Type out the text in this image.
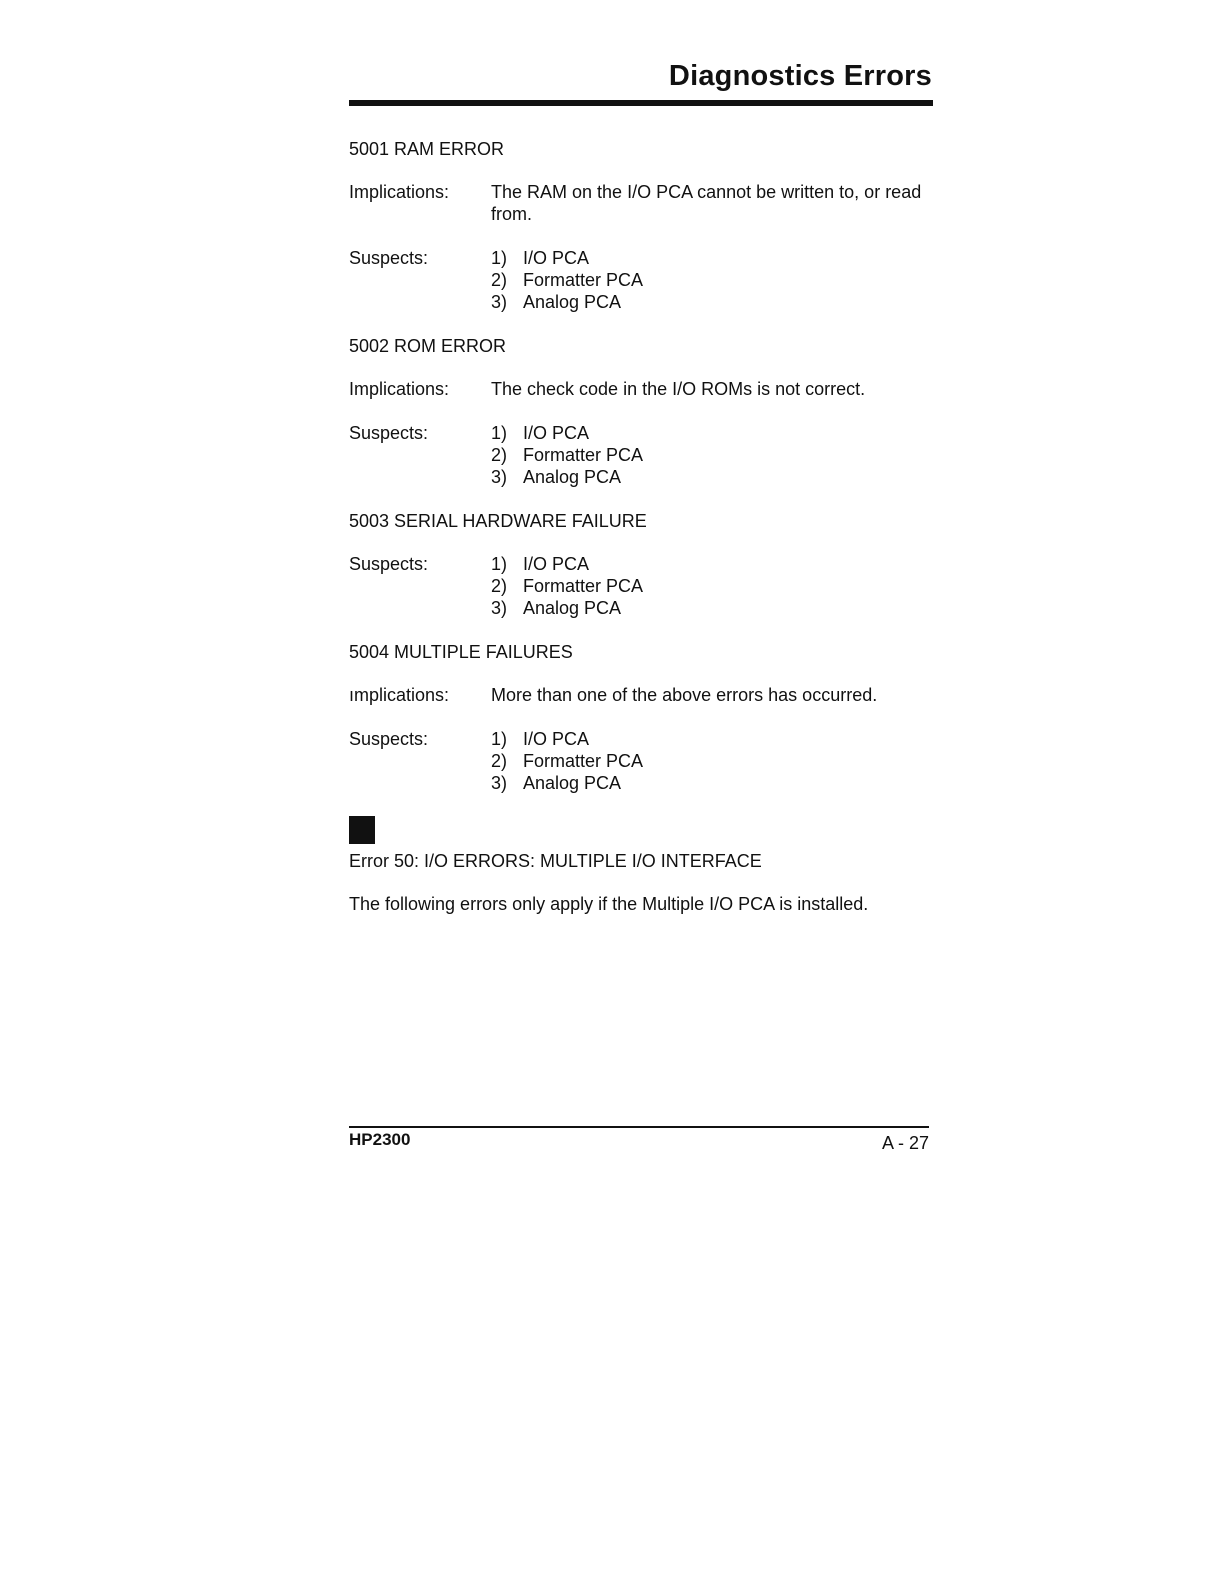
Diagnostics Errors
5001 RAM ERROR
Implications:	The RAM on the I/O PCA cannot be written to, or read from.
Suspects:	1) I/O PCA
2) Formatter PCA
3) Analog PCA
5002 ROM ERROR
Implications:	The check code in the I/O ROMs is not correct.
Suspects:	1) I/O PCA
2) Formatter PCA
3) Analog PCA
5003 SERIAL HARDWARE FAILURE
Suspects:	1) I/O PCA
2) Formatter PCA
3) Analog PCA
5004 MULTIPLE FAILURES
ımplications:	More than one of the above errors has occurred.
Suspects:	1) I/O PCA
2) Formatter PCA
3) Analog PCA
Error 50: I/O ERRORS: MULTIPLE I/O INTERFACE

The following errors only apply if the Multiple I/O PCA is installed.

HP2300	A - 27
